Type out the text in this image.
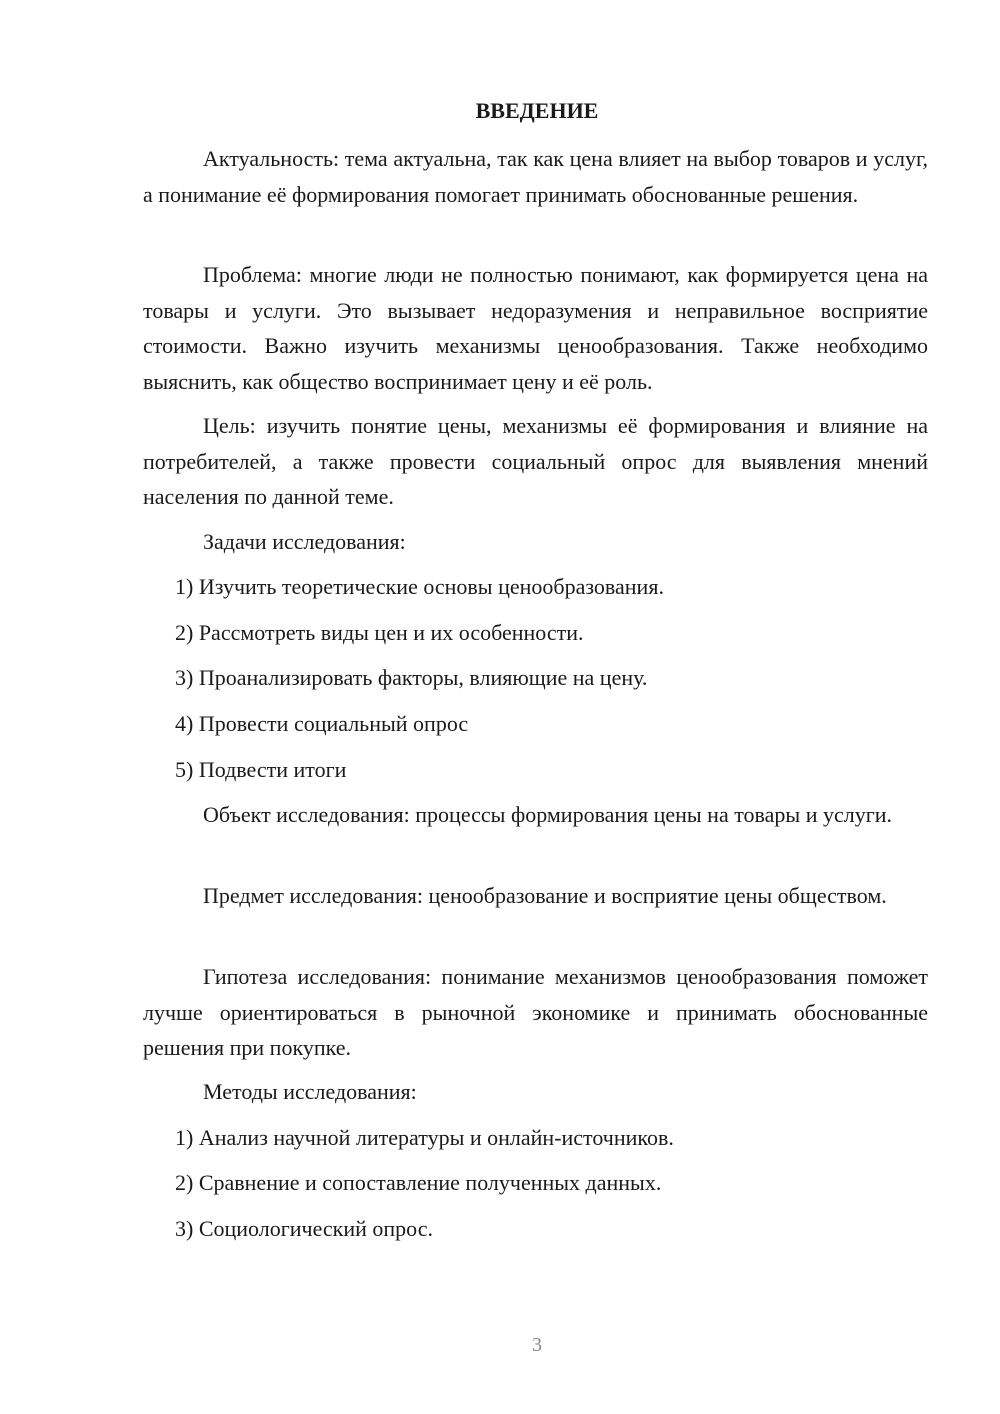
ВВЕДЕНИЕ

Актуальность: тема актуальна, так как цена влияет на выбор товаров и услуг, а понимание её формирования помогает принимать обоснованные решения.

Проблема: многие люди не полностью понимают, как формируется цена на товары и услуги. Это вызывает недоразумения и неправильное восприятие стоимости. Важно изучить механизмы ценообразования. Также необходимо выяснить, как общество воспринимает цену и её роль.

Цель: изучить понятие цены, механизмы её формирования и влияние на потребителей, а также провести социальный опрос для выявления мнений населения по данной теме.

Задачи исследования:

1) Изучить теоретические основы ценообразования.

2) Рассмотреть виды цен и их особенности.

3) Проанализировать факторы, влияющие на цену.

4) Провести социальный опрос

5) Подвести итоги

Объект исследования: процессы формирования цены на товары и услуги.

Предмет исследования: ценообразование и восприятие цены обществом.

Гипотеза исследования: понимание механизмов ценообразования поможет лучше ориентироваться в рыночной экономике и принимать обоснованные решения при покупке.

Методы исследования:

1) Анализ научной литературы и онлайн-источников.

2) Сравнение и сопоставление полученных данных.

3) Социологический опрос.

3
